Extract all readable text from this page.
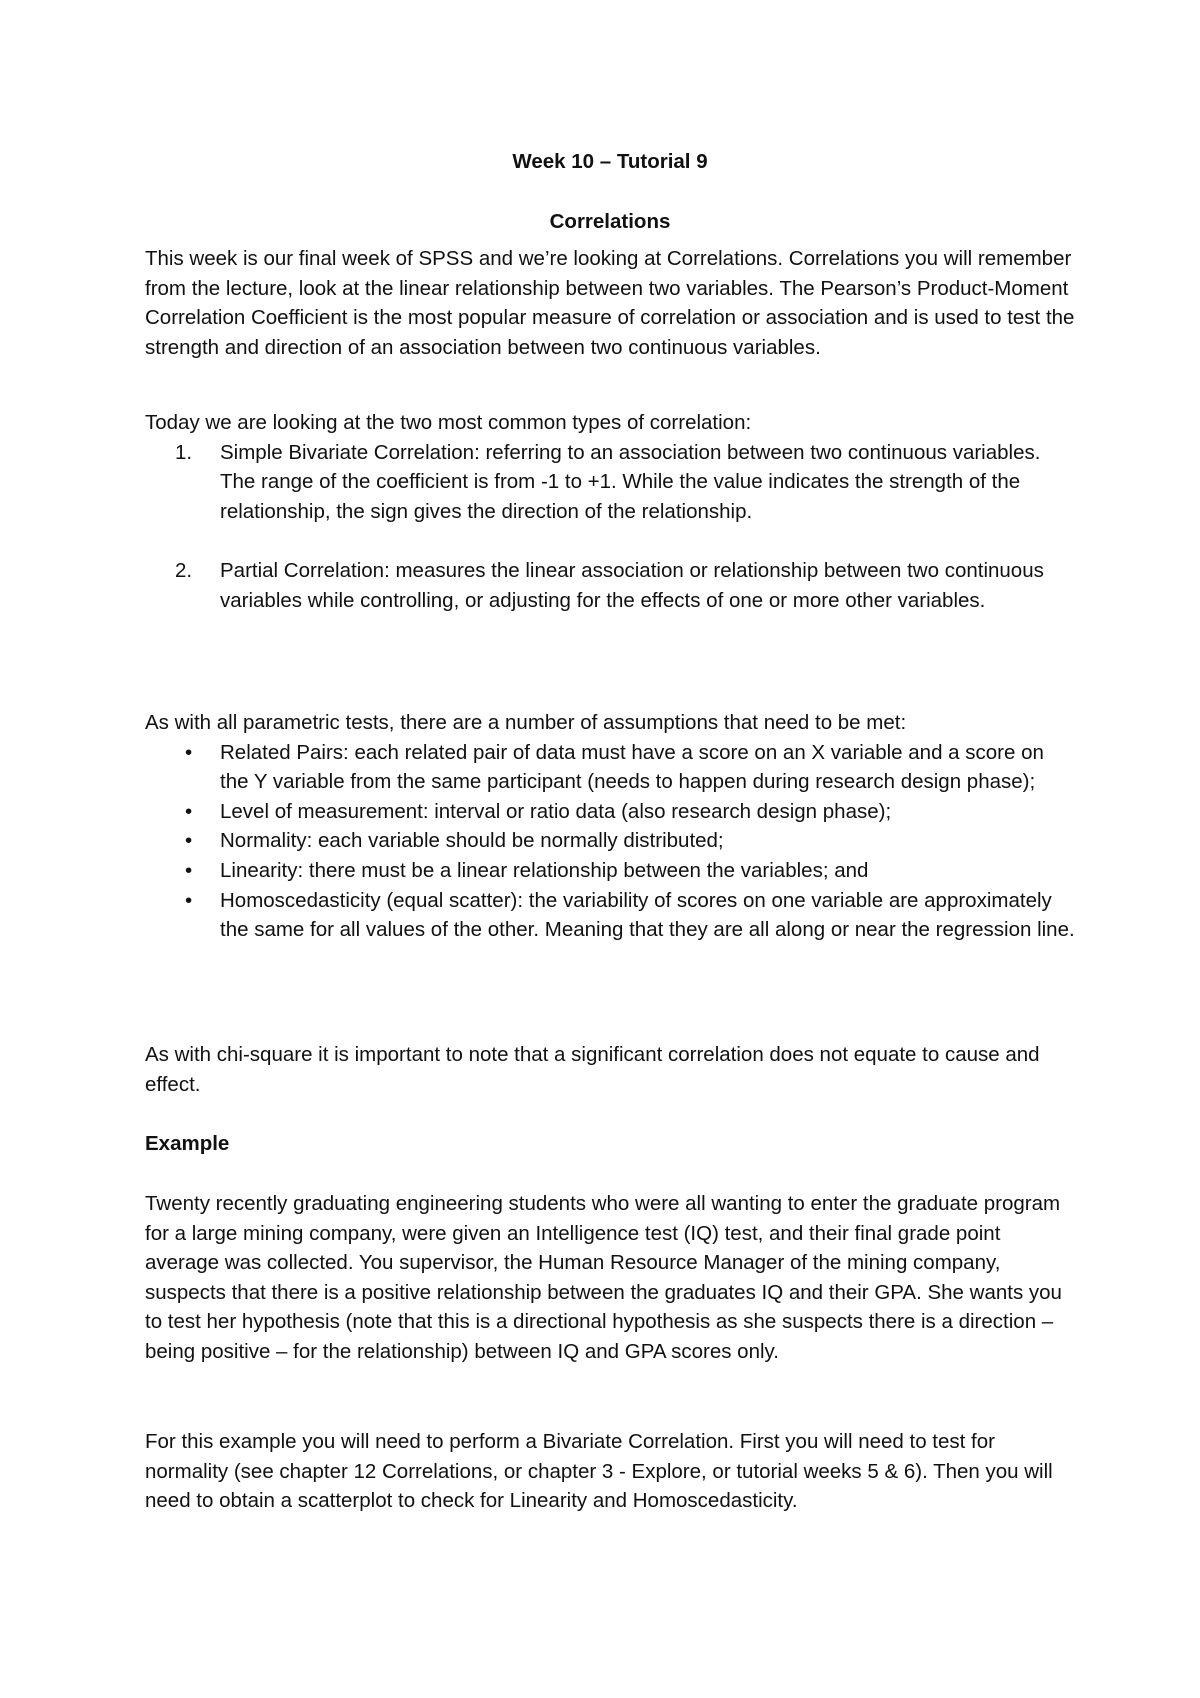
Week 10 – Tutorial 9
Correlations

This week is our final week of SPSS and we’re looking at Correlations. Correlations you will remember from the lecture, look at the linear relationship between two variables. The Pearson’s Product-Moment Correlation Coefficient is the most popular measure of correlation or association and is used to test the strength and direction of an association between two continuous variables.

Today we are looking at the two most common types of correlation:

1. Simple Bivariate Correlation: referring to an association between two continuous variables. The range of the coefficient is from -1 to +1. While the value indicates the strength of the relationship, the sign gives the direction of the relationship.
2. Partial Correlation: measures the linear association or relationship between two continuous variables while controlling, or adjusting for the effects of one or more other variables.

As with all parametric tests, there are a number of assumptions that need to be met:

• Related Pairs: each related pair of data must have a score on an X variable and a score on the Y variable from the same participant (needs to happen during research design phase);
• Level of measurement: interval or ratio data (also research design phase);
• Normality: each variable should be normally distributed;
• Linearity: there must be a linear relationship between the variables; and
• Homoscedasticity (equal scatter): the variability of scores on one variable are approximately the same for all values of the other. Meaning that they are all along or near the regression line.

As with chi-square it is important to note that a significant correlation does not equate to cause and effect.

Example

Twenty recently graduating engineering students who were all wanting to enter the graduate program for a large mining company, were given an Intelligence test (IQ) test, and their final grade point average was collected. You supervisor, the Human Resource Manager of the mining company, suspects that there is a positive relationship between the graduates IQ and their GPA. She wants you to test her hypothesis (note that this is a directional hypothesis as she suspects there is a direction – being positive – for the relationship) between IQ and GPA scores only.

For this example you will need to perform a Bivariate Correlation. First you will need to test for normality (see chapter 12 Correlations, or chapter 3 - Explore, or tutorial weeks 5 & 6). Then you will need to obtain a scatterplot to check for Linearity and Homoscedasticity.
